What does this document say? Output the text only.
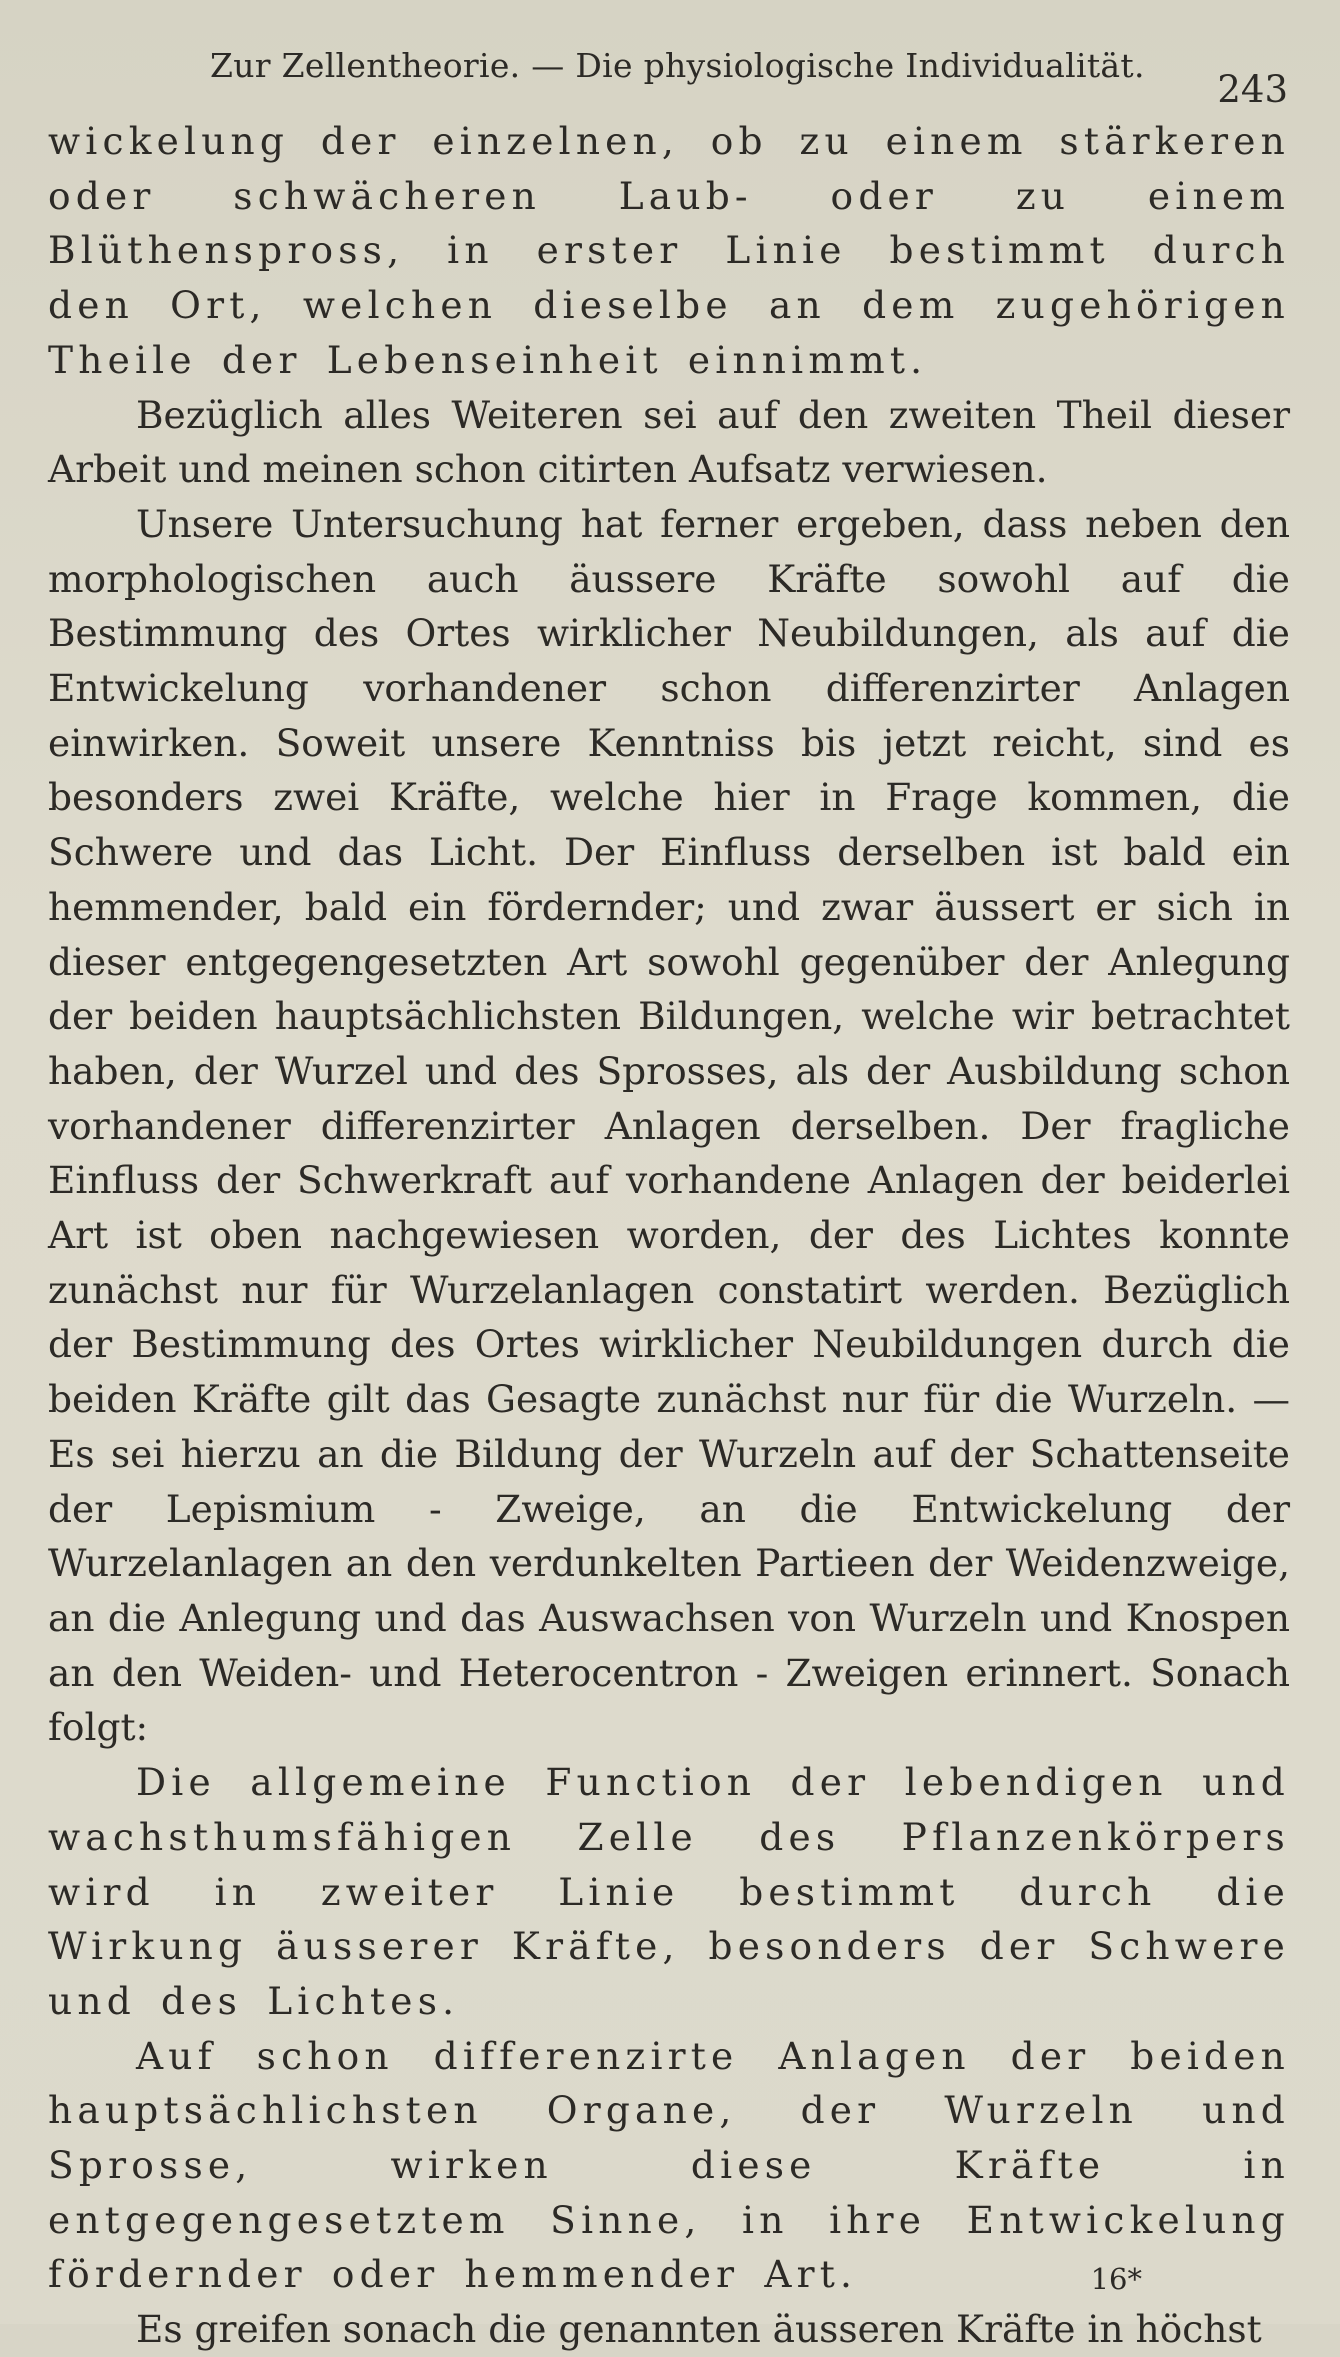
Zur Zellentheorie. — Die physiologische Individualität.
243

wickelung der einzelnen, ob zu einem stärkeren oder schwächeren Laub- oder zu einem Blüthenspross, in erster Linie bestimmt durch den Ort, welchen dieselbe an dem zugehörigen Theile der Lebenseinheit einnimmt.

Bezüglich alles Weiteren sei auf den zweiten Theil dieser Arbeit und meinen schon citirten Aufsatz verwiesen.

Unsere Untersuchung hat ferner ergeben, dass neben den morphologischen auch äussere Kräfte sowohl auf die Bestimmung des Ortes wirklicher Neubildungen, als auf die Entwickelung vorhandener schon differenzirter Anlagen einwirken. Soweit unsere Kenntniss bis jetzt reicht, sind es besonders zwei Kräfte, welche hier in Frage kommen, die Schwere und das Licht. Der Einfluss derselben ist bald ein hemmender, bald ein fördernder; und zwar äussert er sich in dieser entgegengesetzten Art sowohl gegenüber der Anlegung der beiden hauptsächlichsten Bildungen, welche wir betrachtet haben, der Wurzel und des Sprosses, als der Ausbildung schon vorhandener differenzirter Anlagen derselben. Der fragliche Einfluss der Schwerkraft auf vorhandene Anlagen der beiderlei Art ist oben nachgewiesen worden, der des Lichtes konnte zunächst nur für Wurzelanlagen constatirt werden. Bezüglich der Bestimmung des Ortes wirklicher Neubildungen durch die beiden Kräfte gilt das Gesagte zunächst nur für die Wurzeln. — Es sei hierzu an die Bildung der Wurzeln auf der Schattenseite der Lepismium - Zweige, an die Entwickelung der Wurzelanlagen an den verdunkelten Partieen der Weidenzweige, an die Anlegung und das Auswachsen von Wurzeln und Knospen an den Weiden- und Heterocentron - Zweigen erinnert. Sonach folgt:

Die allgemeine Function der lebendigen und wachsthumsfähigen Zelle des Pflanzenkörpers wird in zweiter Linie bestimmt durch die Wirkung äusserer Kräfte, besonders der Schwere und des Lichtes.

Auf schon differenzirte Anlagen der beiden hauptsächlichsten Organe, der Wurzeln und Sprosse, wirken diese Kräfte in entgegengesetztem Sinne, in ihre Entwickelung fördernder oder hemmender Art.

Es greifen sonach die genannten äusseren Kräfte in höchst

16*
